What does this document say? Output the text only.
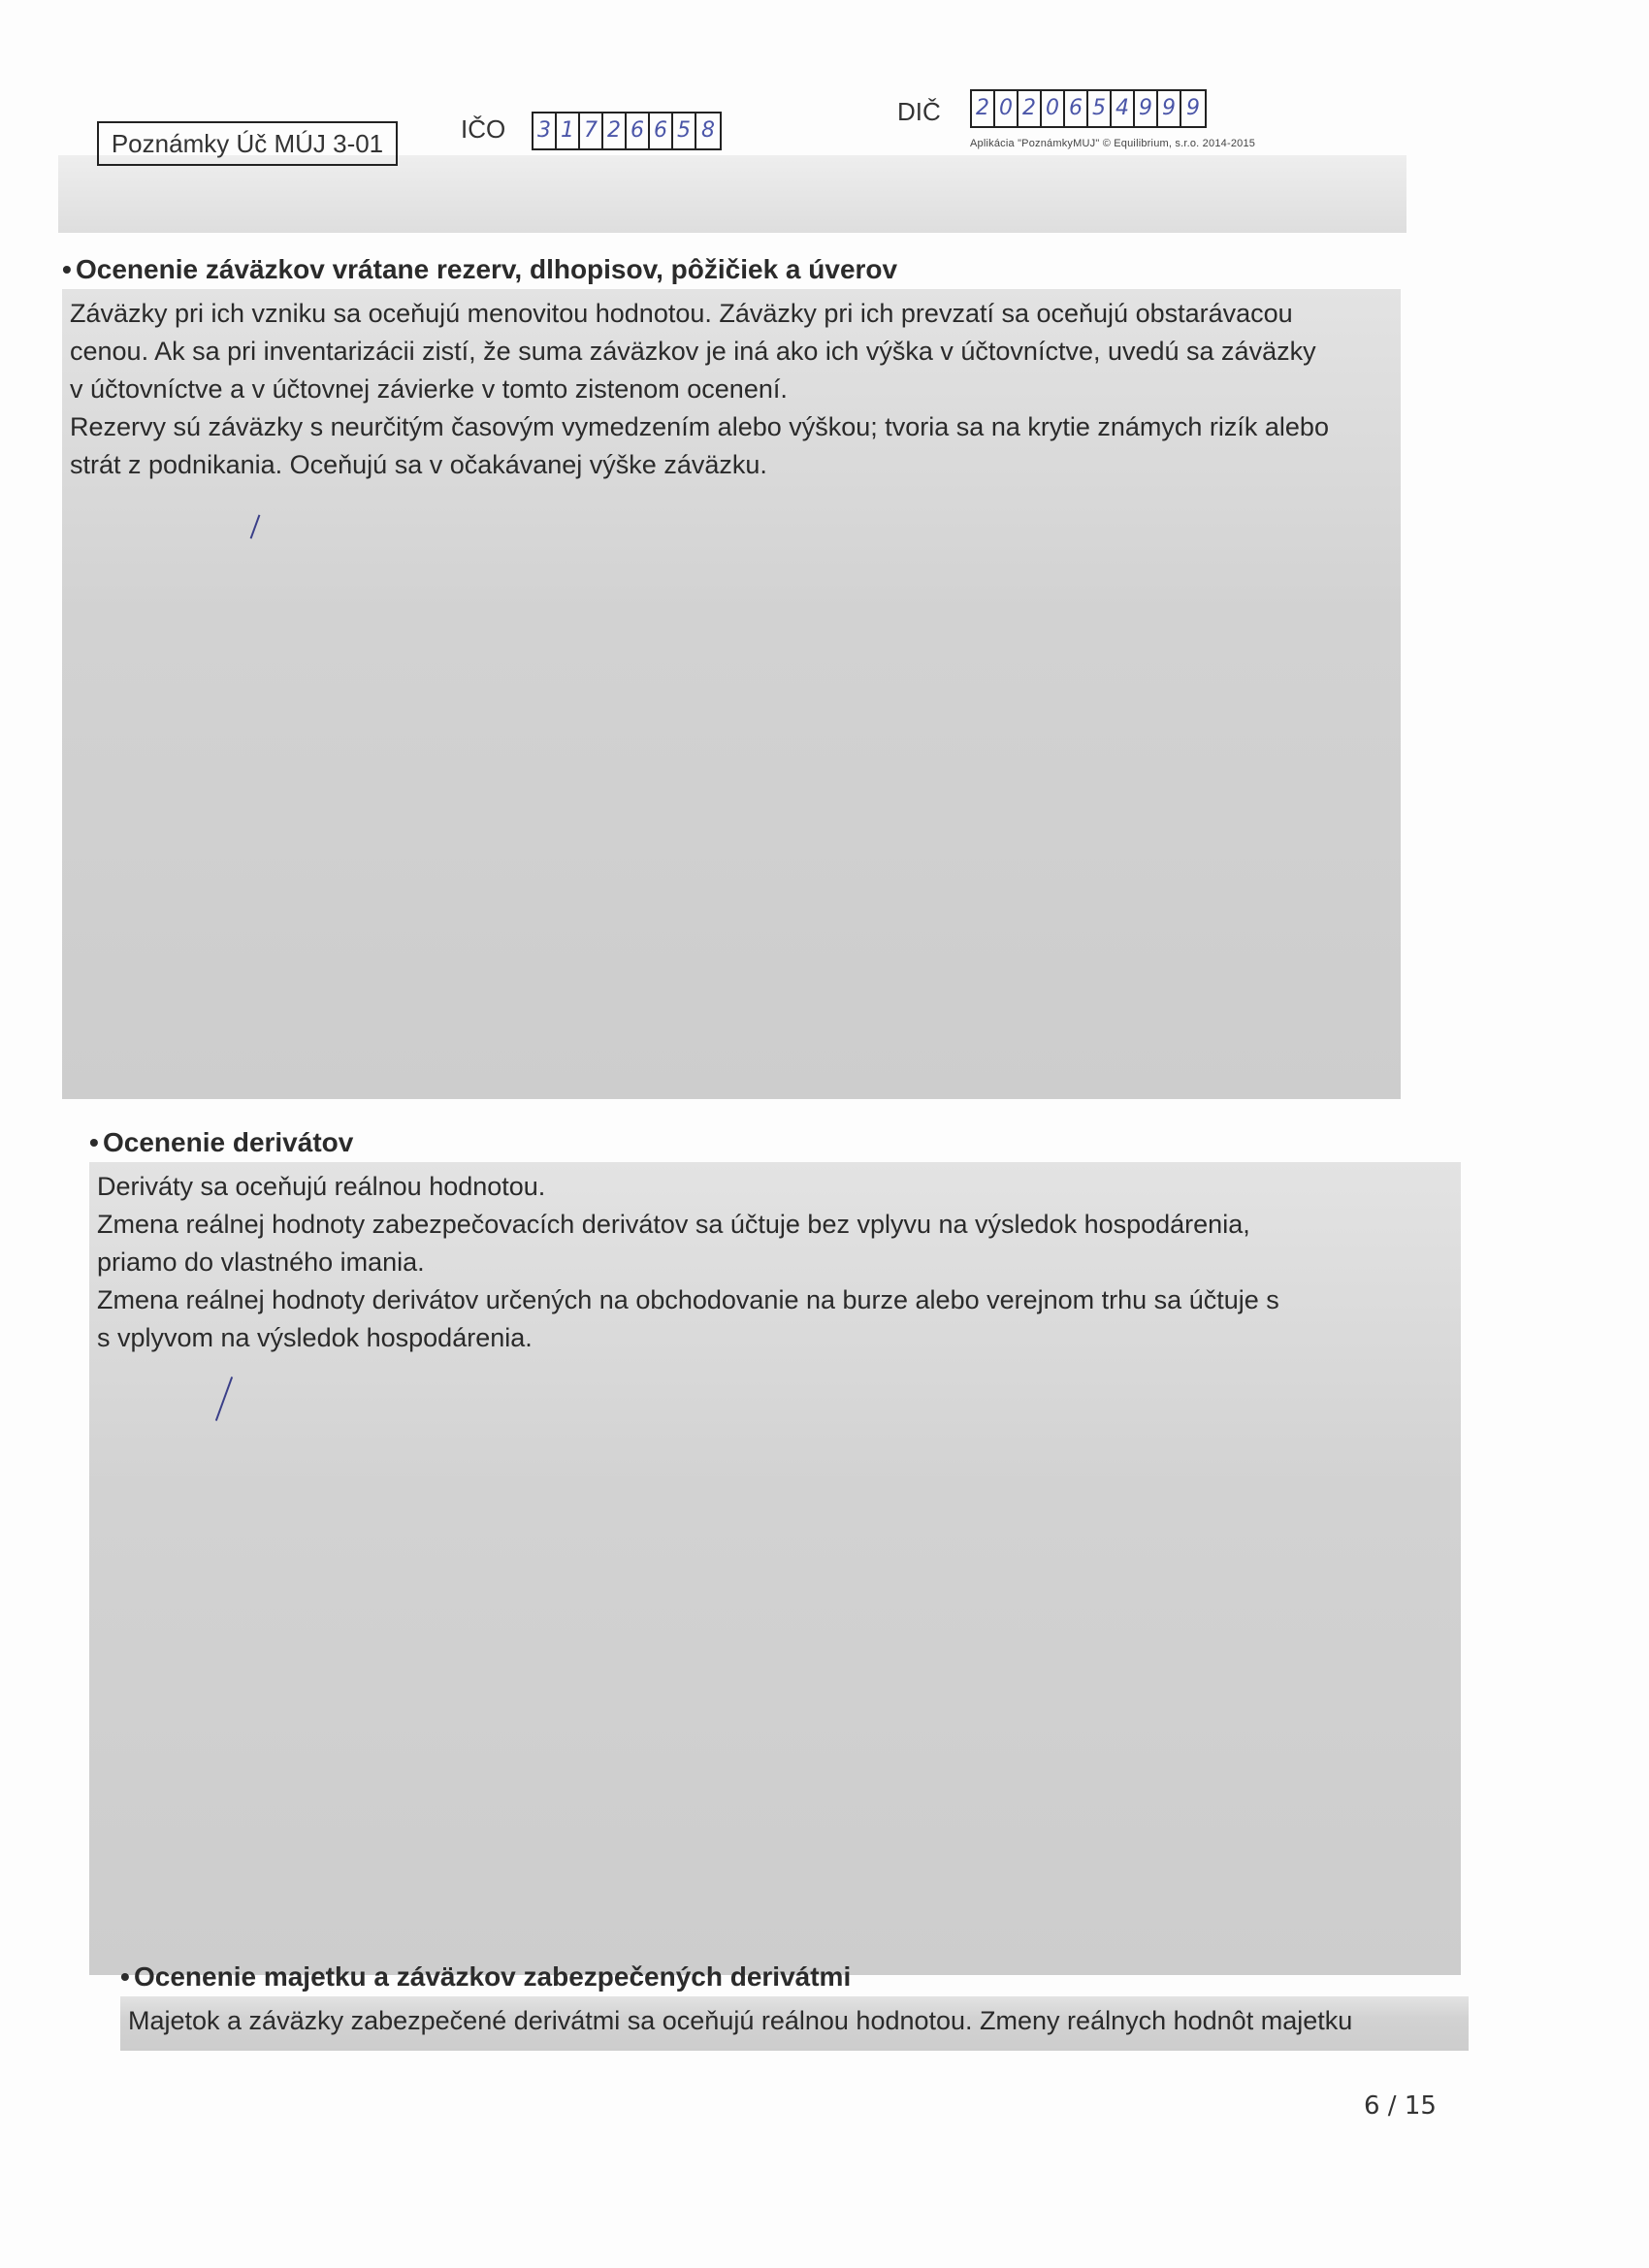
Poznámky Úč MÚJ 3-01	IČO 3 1 7 2 6 6 5 8
DIČ 2 0 2 0 6 5 4 9 9 9
Aplikácia "PoznámkyMUJ" © Equilibrium, s.r.o. 2014-2015
• Ocenenie záväzkov vrátane rezerv, dlhopisov, pôžičiek a úverov

Záväzky pri ich vzniku sa oceňujú menovitou hodnotou. Záväzky pri ich prevzatí sa oceňujú obstarávacou

cenou. Ak sa pri inventarizácii zistí, že suma záväzkov je iná ako ich výška v účtovníctve, uvedú sa záväzky

v účtovníctve a v účtovnej závierke v tomto zistenom ocenení.

Rezervy sú záväzky s neurčitým časovým vymedzením alebo výškou; tvoria sa na krytie známych rizík alebo

strát z podnikania. Oceňujú sa v očakávanej výške záväzku.

• Ocenenie derivátov

Deriváty sa oceňujú reálnou hodnotou.

Zmena reálnej hodnoty zabezpečovacích derivátov sa účtuje bez vplyvu na výsledok hospodárenia,

priamo do vlastného imania.

Zmena reálnej hodnoty derivátov určených na obchodovanie na burze alebo verejnom trhu sa účtuje s

s vplyvom na výsledok hospodárenia.

• Ocenenie majetku a záväzkov zabezpečených derivátmi

Majetok a záväzky zabezpečené derivátmi sa oceňujú reálnou hodnotou. Zmeny reálnych hodnôt majetku

6 / 15
